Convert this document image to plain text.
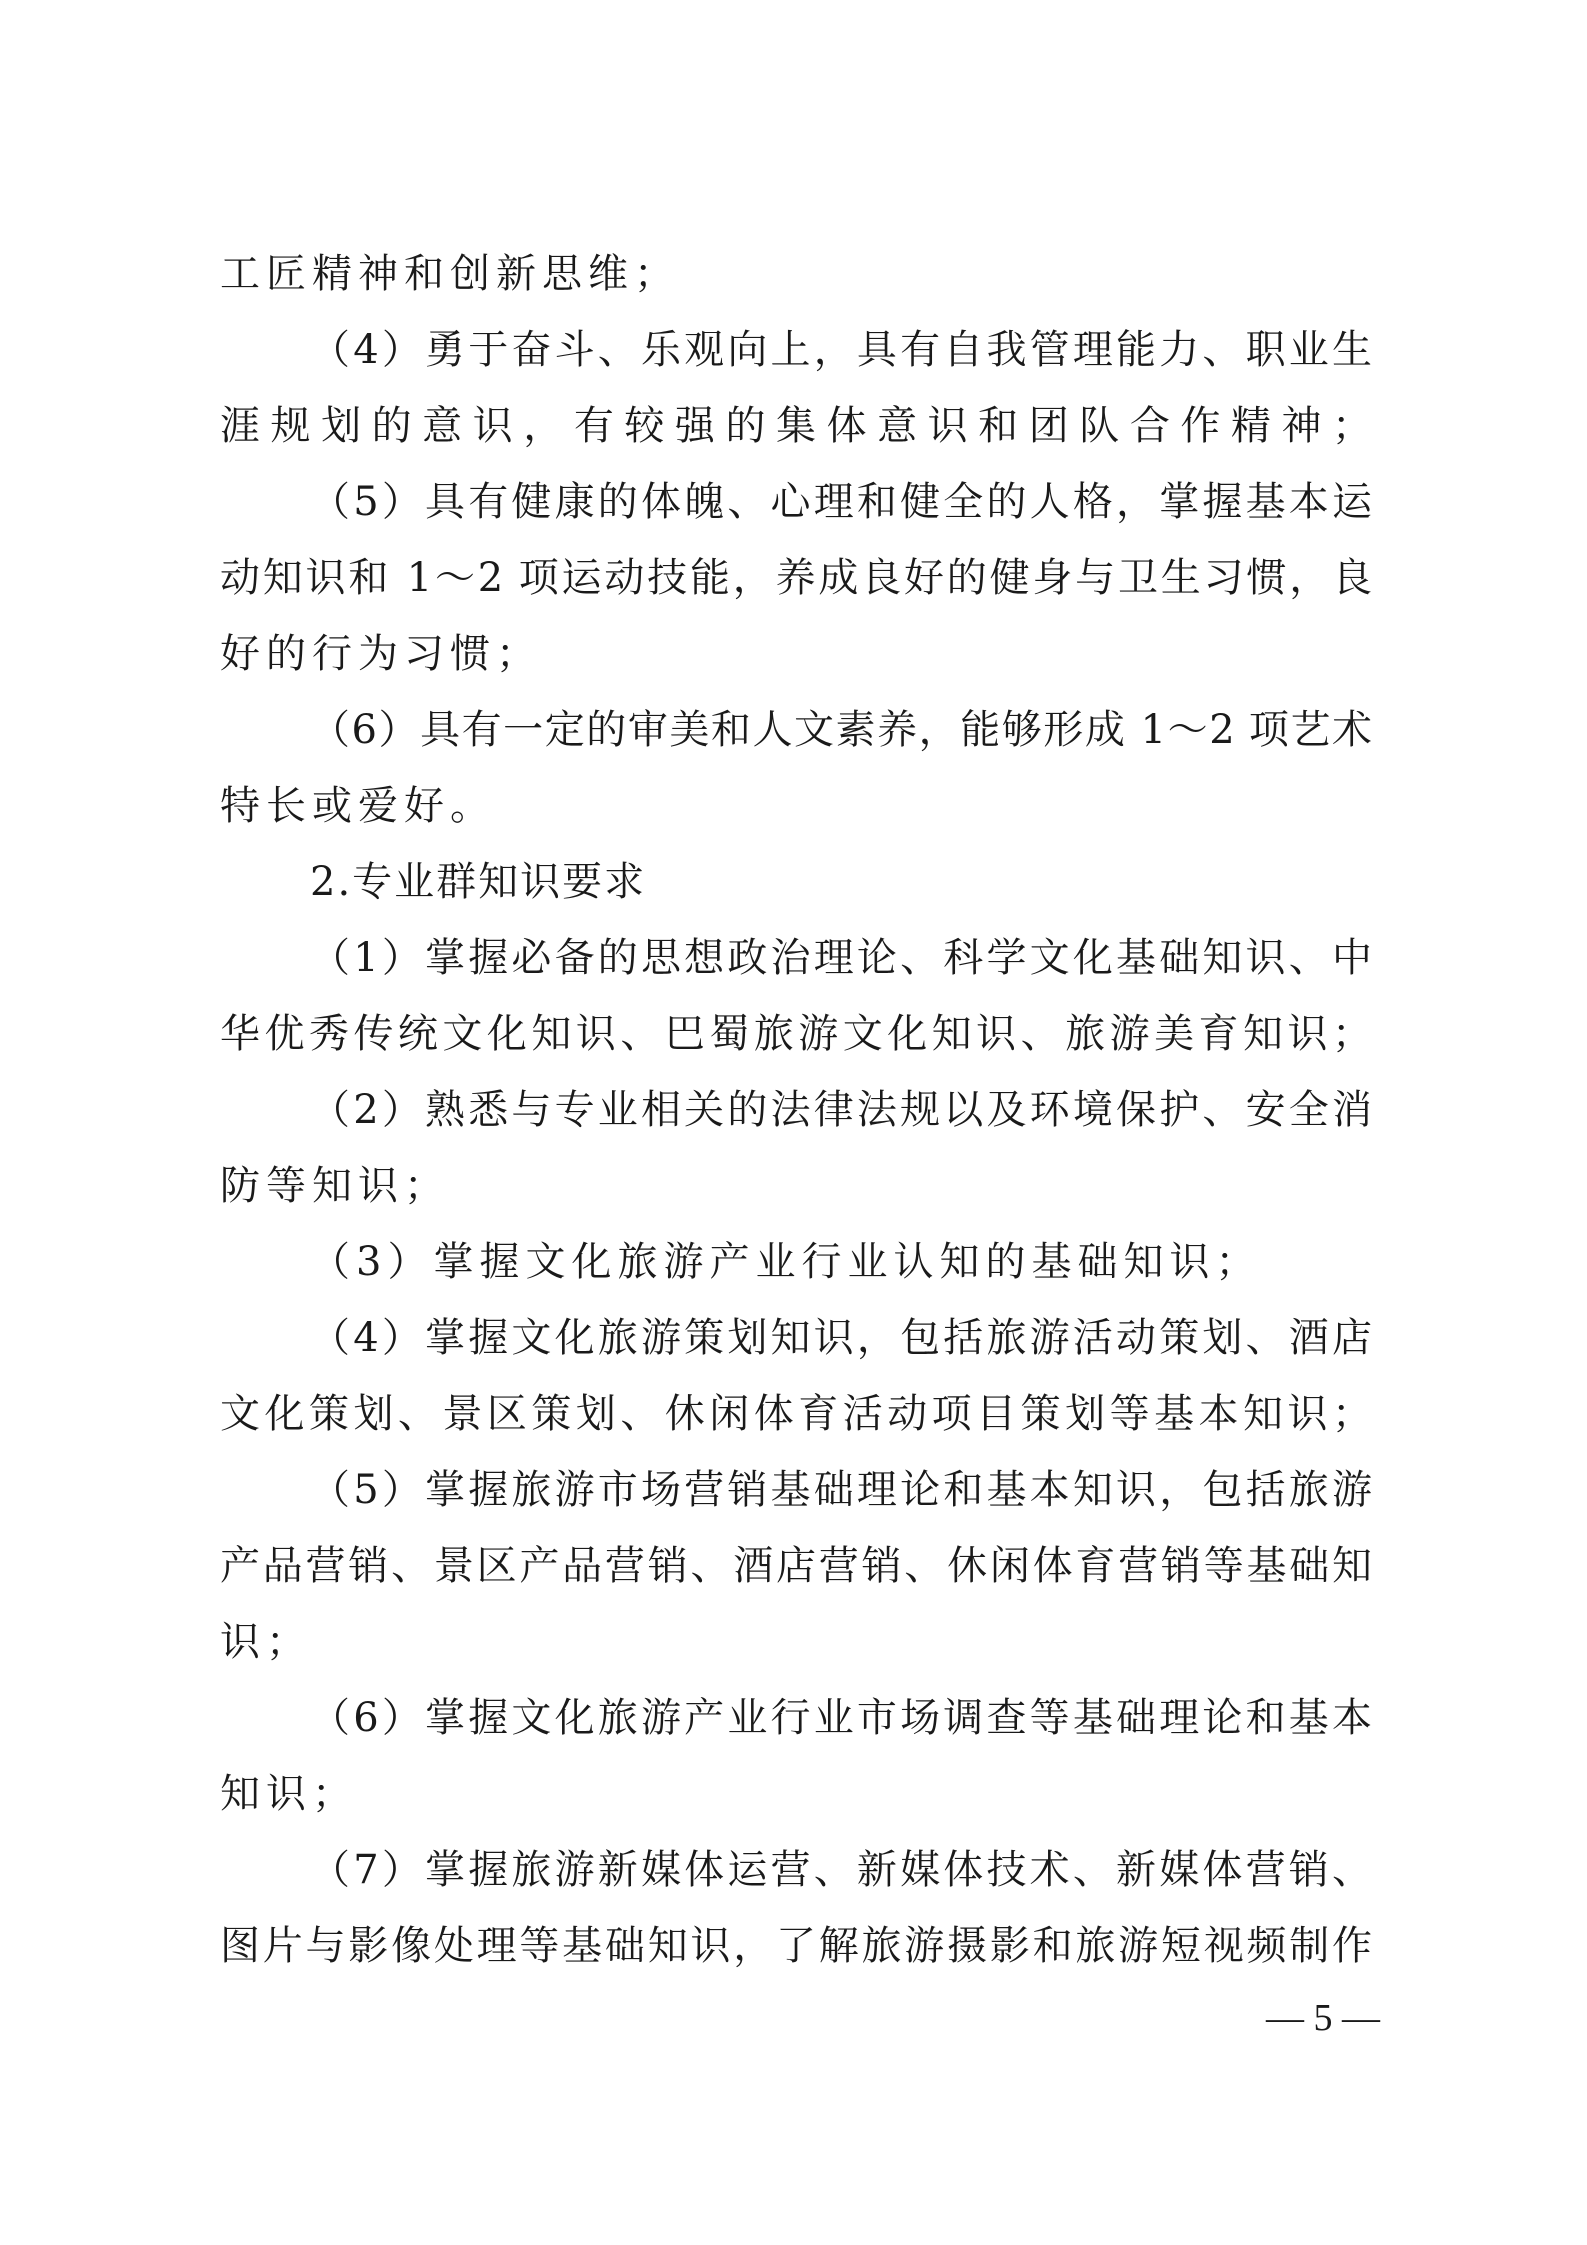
工匠精神和创新思维；
（4）勇于奋斗、乐观向上，具有自我管理能力、职业生
涯规划的意识，有较强的集体意识和团队合作精神；
（5）具有健康的体魄、心理和健全的人格，掌握基本运
动知识和 1～2 项运动技能，养成良好的健身与卫生习惯，良
好的行为习惯；
（6）具有一定的审美和人文素养，能够形成 1～2 项艺术
特长或爱好。
2.专业群知识要求
（1）掌握必备的思想政治理论、科学文化基础知识、中
华优秀传统文化知识、巴蜀旅游文化知识、旅游美育知识；
（2）熟悉与专业相关的法律法规以及环境保护、安全消
防等知识；
（3）掌握文化旅游产业行业认知的基础知识；
（4）掌握文化旅游策划知识，包括旅游活动策划、酒店
文化策划、景区策划、休闲体育活动项目策划等基本知识；
（5）掌握旅游市场营销基础理论和基本知识，包括旅游
产品营销、景区产品营销、酒店营销、休闲体育营销等基础知
识；
（6）掌握文化旅游产业行业市场调查等基础理论和基本
知识；
（7）掌握旅游新媒体运营、新媒体技术、新媒体营销、
图片与影像处理等基础知识，了解旅游摄影和旅游短视频制作
— 5 —
